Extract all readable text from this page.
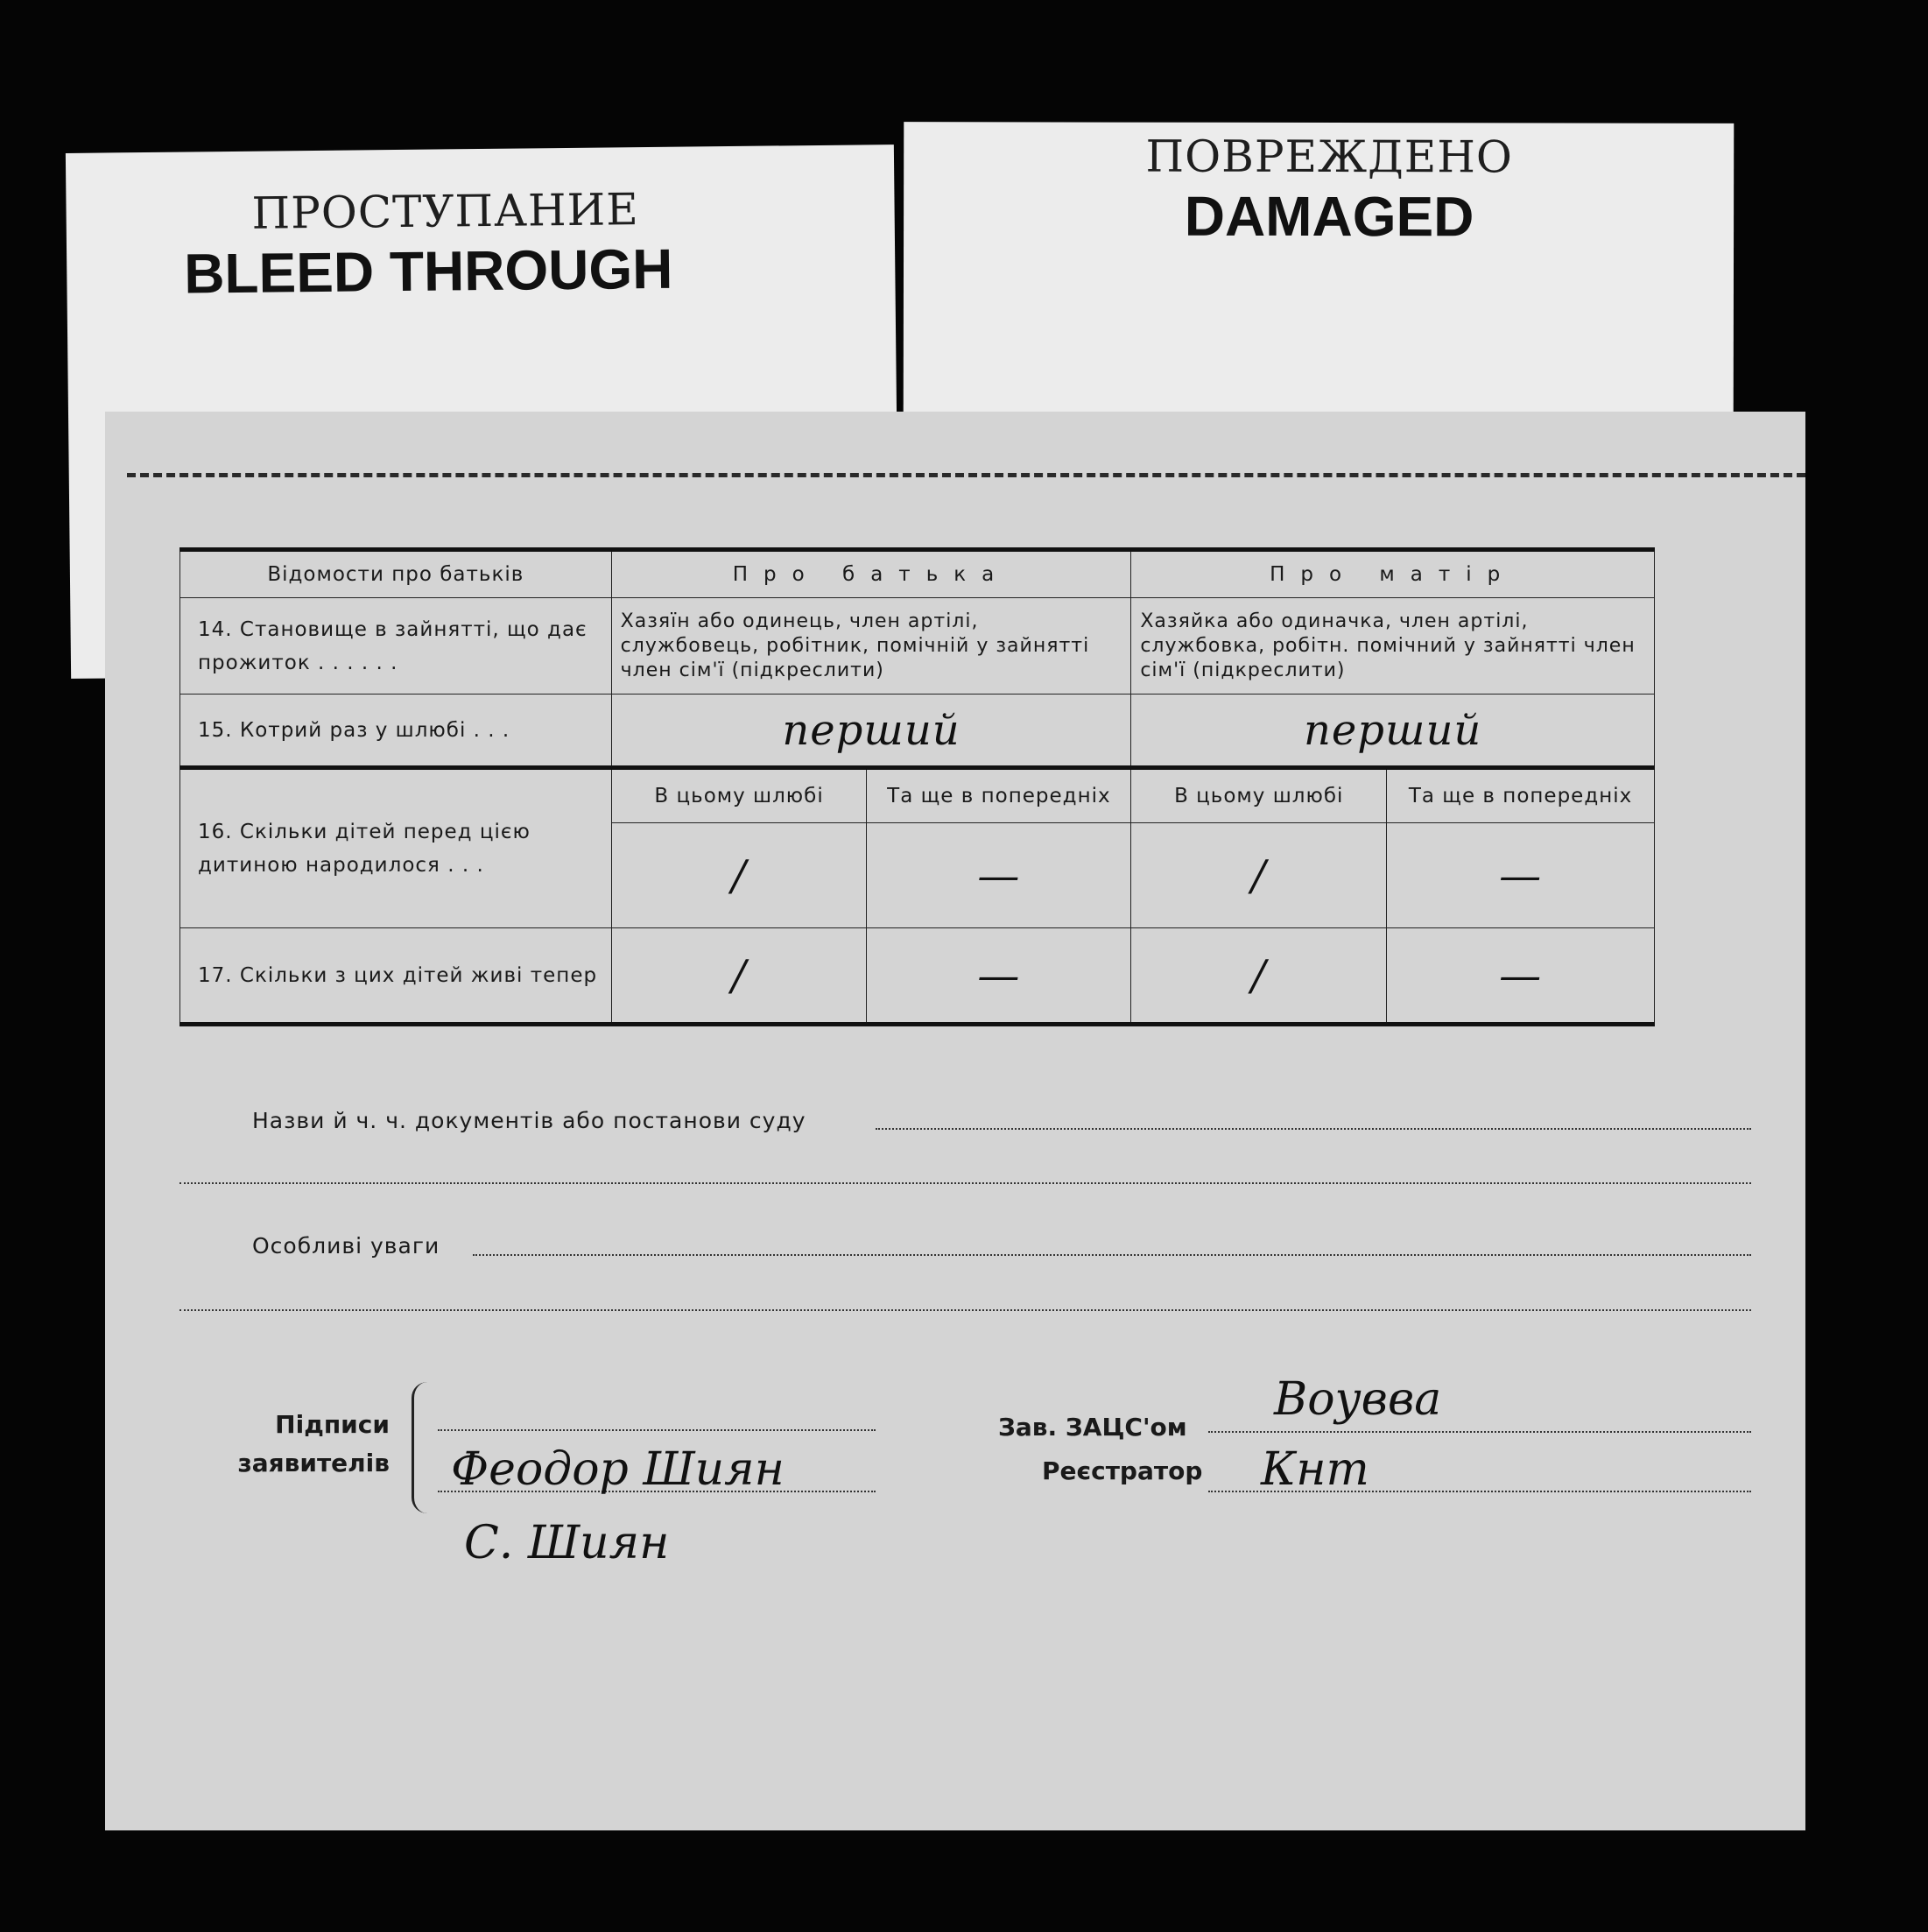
ПРОСТУПАНИЕ
BLEED THROUGH
ПОВРЕЖДЕНО
DAMAGED
Відомости про батьків	Про батька		Про матір	
14. Становище в зайнятті, що дає прожиток . . . . . .	Хазяїн або одинець, член артілі, службовець, робітник, помічній у зайнятті член сім'ї (підкреслити)		Хазяйка або одиначка, член артілі, службовка, робітн. помічний у зайнятті член сім'ї (підкреслити)	
15. Котрий раз у шлюбі . . .	перший		перший	
16. Скільки дітей перед цією дитиною народилося . . .	В цьому шлюбі	Та ще в попередніх	В цьому шлюбі	Та ще в попередніх
	/	—	/	—
17. Скільки з цих дітей живі тепер	/	—	/	—
Назви й ч. ч. документів або постанови суду
Особливі уваги
Підписи заявителів Феодор Шиян
С. Шиян
Зав. ЗАЦС'ом
Воувва
Реєстратор	Кнт
